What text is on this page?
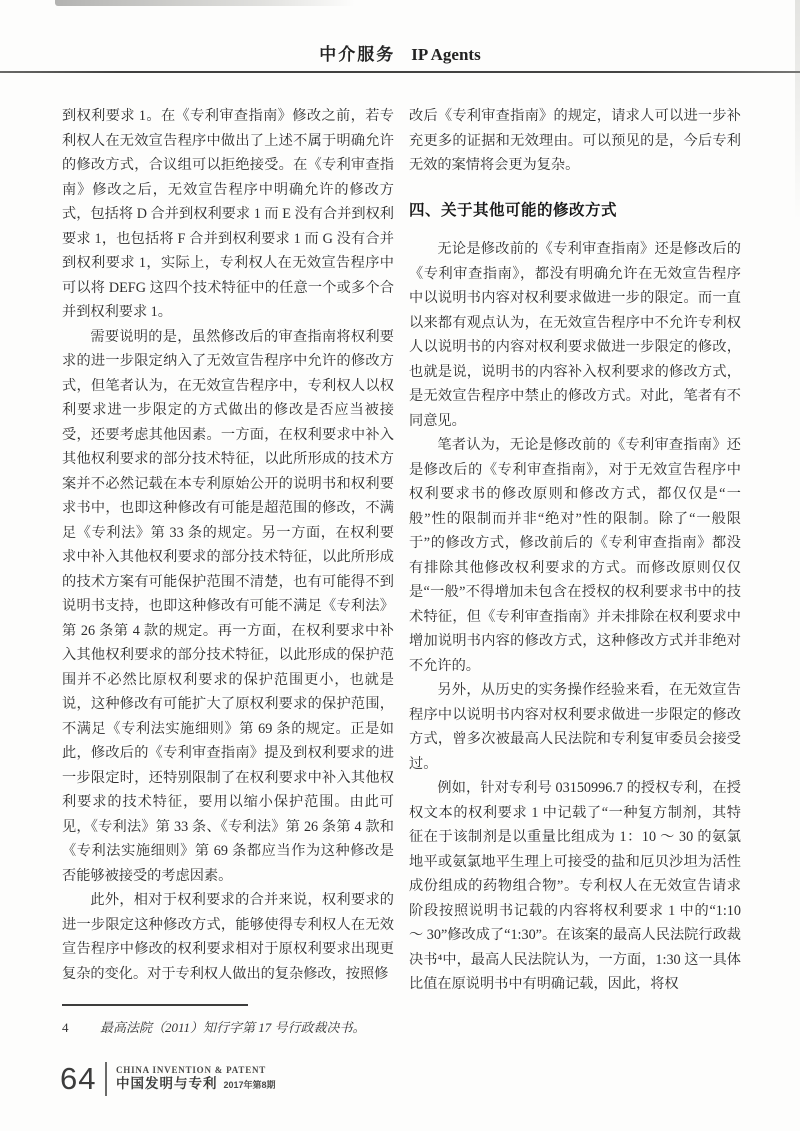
中介服务 IP Agents

到权利要求 1。在《专利审查指南》修改之前，若专利权人在无效宣告程序中做出了上述不属于明确允许的修改方式，合议组可以拒绝接受。在《专利审查指南》修改之后，无效宣告程序中明确允许的修改方式，包括将 D 合并到权利要求 1 而 E 没有合并到权利要求 1，也包括将 F 合并到权利要求 1 而 G 没有合并到权利要求 1，实际上，专利权人在无效宣告程序中可以将 DEFG 这四个技术特征中的任意一个或多个合并到权利要求 1。

需要说明的是，虽然修改后的审查指南将权利要求的进一步限定纳入了无效宣告程序中允许的修改方式，但笔者认为，在无效宣告程序中，专利权人以权利要求进一步限定的方式做出的修改是否应当被接受，还要考虑其他因素。一方面，在权利要求中补入其他权利要求的部分技术特征，以此所形成的技术方案并不必然记载在本专利原始公开的说明书和权利要求书中，也即这种修改有可能是超范围的修改，不满足《专利法》第 33 条的规定。另一方面，在权利要求中补入其他权利要求的部分技术特征，以此所形成的技术方案有可能保护范围不清楚，也有可能得不到说明书支持，也即这种修改有可能不满足《专利法》第 26 条第 4 款的规定。再一方面，在权利要求中补入其他权利要求的部分技术特征，以此形成的保护范围并不必然比原权利要求的保护范围更小，也就是说，这种修改有可能扩大了原权利要求的保护范围，不满足《专利法实施细则》第 69 条的规定。正是如此，修改后的《专利审查指南》提及到权利要求的进一步限定时，还特别限制了在权利要求中补入其他权利要求的技术特征，要用以缩小保护范围。由此可见，《专利法》第 33 条、《专利法》第 26 条第 4 款和《专利法实施细则》第 69 条都应当作为这种修改是否能够被接受的考虑因素。

此外，相对于权利要求的合并来说，权利要求的进一步限定这种修改方式，能够使得专利权人在无效宣告程序中修改的权利要求相对于原权利要求出现更复杂的变化。对于专利权人做出的复杂修改，按照修

改后《专利审查指南》的规定，请求人可以进一步补充更多的证据和无效理由。可以预见的是，今后专利无效的案情将会更为复杂。

四、关于其他可能的修改方式

无论是修改前的《专利审查指南》还是修改后的《专利审查指南》，都没有明确允许在无效宣告程序中以说明书内容对权利要求做进一步的限定。而一直以来都有观点认为，在无效宣告程序中不允许专利权人以说明书的内容对权利要求做进一步限定的修改，也就是说，说明书的内容补入权利要求的修改方式，是无效宣告程序中禁止的修改方式。对此，笔者有不同意见。

笔者认为，无论是修改前的《专利审查指南》还是修改后的《专利审查指南》，对于无效宣告程序中权利要求书的修改原则和修改方式，都仅仅是“一般”性的限制而并非“绝对”性的限制。除了“一般限于”的修改方式，修改前后的《专利审查指南》都没有排除其他修改权利要求的方式。而修改原则仅仅是“一般”不得增加未包含在授权的权利要求书中的技术特征，但《专利审查指南》并未排除在权利要求中增加说明书内容的修改方式，这种修改方式并非绝对不允许的。

另外，从历史的实务操作经验来看，在无效宣告程序中以说明书内容对权利要求做进一步限定的修改方式，曾多次被最高人民法院和专利复审委员会接受过。

例如，针对专利号 03150996.7 的授权专利，在授权文本的权利要求 1 中记载了“一种复方制剂，其特征在于该制剂是以重量比组成为 1：10 ～ 30 的氨氯地平或氨氯地平生理上可接受的盐和厄贝沙坦为活性成份组成的药物组合物”。专利权人在无效宣告请求阶段按照说明书记载的内容将权利要求 1 中的“1:10 ～ 30”修改成了“1:30”。在该案的最高人民法院行政裁决书⁴中，最高人民法院认为，一方面，1:30 这一具体比值在原说明书中有明确记载，因此，将权

4	最高法院（2011）知行字第 17 号行政裁决书。
64 CHINA INVENTION & PATENT
中国发明与专利 2017年第8期
